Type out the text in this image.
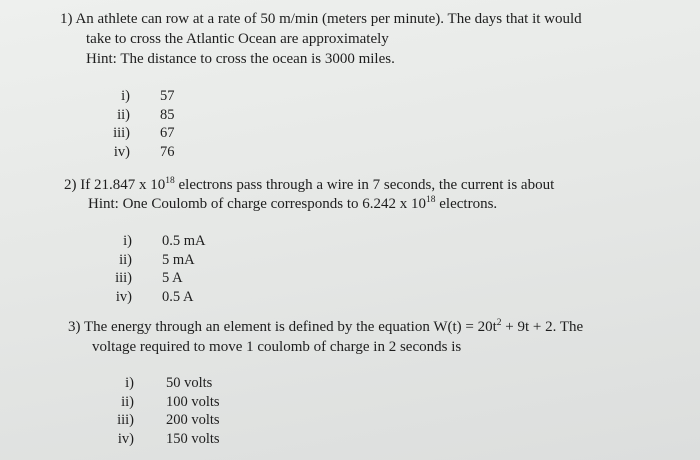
1) An athlete can row at a rate of 50 m/min (meters per minute). The days that it would
take to cross the Atlantic Ocean are approximately
Hint: The distance to cross the ocean is 3000 miles.
i) 57
ii) 85
iii) 67
iv) 76
2) If 21.847 x $10^{18}$ electrons pass through a wire in 7 seconds, the current is about
Hint: One Coulomb of charge corresponds to 6.242 x $10^{18}$ electrons.
i) 0.5 mA
ii) 5 mA
iii) 5 A
iv) 0.5 A
3) The energy through an element is defined by the equation $W(t) = 20t^2 + 9t + 2$. The
voltage required to move 1 coulomb of charge in 2 seconds is
i) 50 volts
ii) 100 volts
iii) 200 volts
iv) 150 volts
